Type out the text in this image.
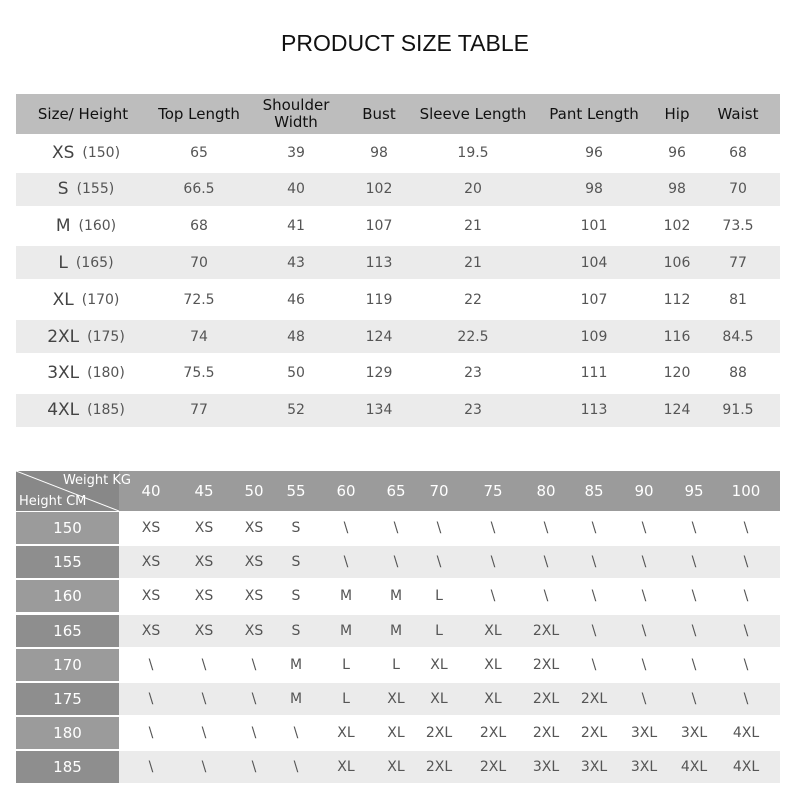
PRODUCT SIZE TABLE
Size/ Height	Top Length	Shoulder Width	Bust	Sleeve Length	Pant Length	Hip	Waist
XS (150)	65	39	98	19.5	96	96	68
S (155)	66.5	40	102	20	98	98	70
M (160)	68	41	107	21	101	102	73.5
L (165)	70	43	113	21	104	106	77
XL (170)	72.5	46	119	22	107	112	81
2XL (175)	74	48	124	22.5	109	116	84.5
3XL (180)	75.5	50	129	23	111	120	88
4XL (185)	77	52	134	23	113	124	91.5
Weight KG
Height CM
40	45	50	55	60	65	70	75	80	85	90	95	100
150	XS	XS	XS	S	\	\	\	\	\	\	\	\	\
155	XS	XS	XS	S	\	\	\	\	\	\	\	\	\
160	XS	XS	XS	S	M	M	L	\	\	\	\	\	\
165	XS	XS	XS	S	M	M	L	XL	2XL	\	\	\	\
170	\	\	\	M	L	L	XL	XL	2XL	\	\	\	\
175	\	\	\	M	L	XL	XL	XL	2XL	2XL	\	\	\
180	\	\	\	\	XL	XL	2XL	2XL	2XL	2XL	3XL	3XL	4XL
185	\	\	\	\	XL	XL	2XL	2XL	3XL	3XL	3XL	4XL	4XL
